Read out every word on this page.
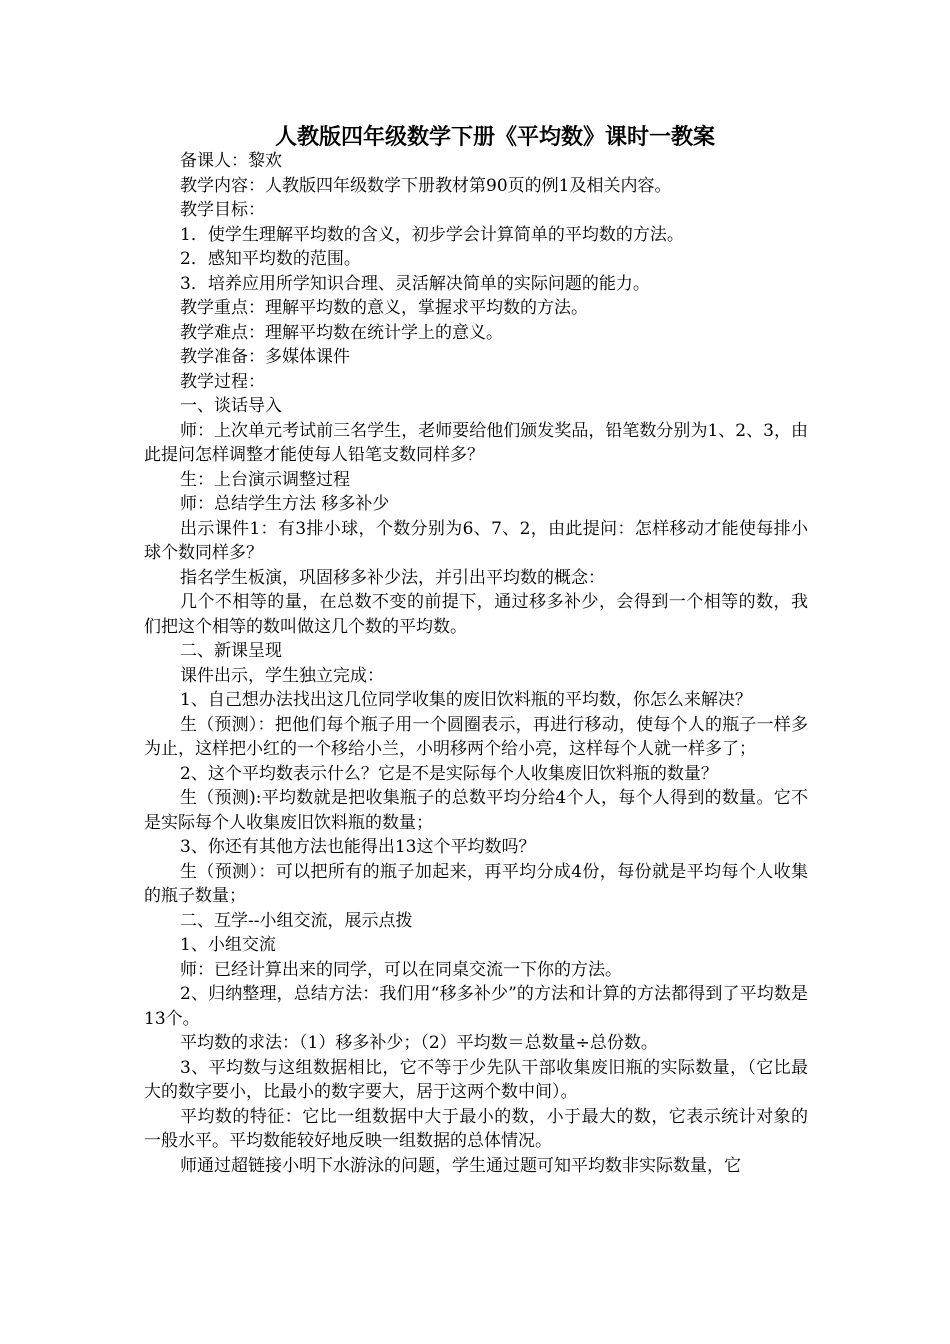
人教版四年级数学下册《平均数》课时一教案

备课人：黎欢

教学内容：人教版四年级数学下册教材第90页的例1及相关内容。

教学目标：

1．使学生理解平均数的含义，初步学会计算简单的平均数的方法。

2．感知平均数的范围。

3．培养应用所学知识合理、灵活解决简单的实际问题的能力。

教学重点：理解平均数的意义，掌握求平均数的方法。

教学难点：理解平均数在统计学上的意义。

教学准备：多媒体课件

教学过程：

一、谈话导入

师：上次单元考试前三名学生，老师要给他们颁发奖品，铅笔数分别为1、2、3，由此提问怎样调整才能使每人铅笔支数同样多？

生：上台演示调整过程

师：总结学生方法 移多补少

出示课件1：有3排小球，个数分别为6、7、2，由此提问：怎样移动才能使每排小球个数同样多？

指名学生板演，巩固移多补少法，并引出平均数的概念：

几个不相等的量，在总数不变的前提下，通过移多补少，会得到一个相等的数，我们把这个相等的数叫做这几个数的平均数。

二、新课呈现

课件出示，学生独立完成：

1、自己想办法找出这几位同学收集的废旧饮料瓶的平均数，你怎么来解决？

生（预测）：把他们每个瓶子用一个圆圈表示，再进行移动，使每个人的瓶子一样多为止，这样把小红的一个移给小兰，小明移两个给小亮，这样每个人就一样多了；

2、这个平均数表示什么？它是不是实际每个人收集废旧饮料瓶的数量？

生（预测):平均数就是把收集瓶子的总数平均分给4个人，每个人得到的数量。它不是实际每个人收集废旧饮料瓶的数量；

3、你还有其他方法也能得出13这个平均数吗？

生（预测）：可以把所有的瓶子加起来，再平均分成4份，每份就是平均每个人收集的瓶子数量；

二、互学--小组交流，展示点拨

1、小组交流

师：已经计算出来的同学，可以在同桌交流一下你的方法。

2、归纳整理，总结方法：我们用“移多补少”的方法和计算的方法都得到了平均数是13个。

平均数的求法：（1）移多补少；（2）平均数＝总数量÷总份数。

3、平均数与这组数据相比，它不等于少先队干部收集废旧瓶的实际数量，（它比最大的数字要小，比最小的数字要大，居于这两个数中间）。

平均数的特征：它比一组数据中大于最小的数，小于最大的数，它表示统计对象的一般水平。平均数能较好地反映一组数据的总体情况。

师通过超链接小明下水游泳的问题，学生通过题可知平均数非实际数量，它
